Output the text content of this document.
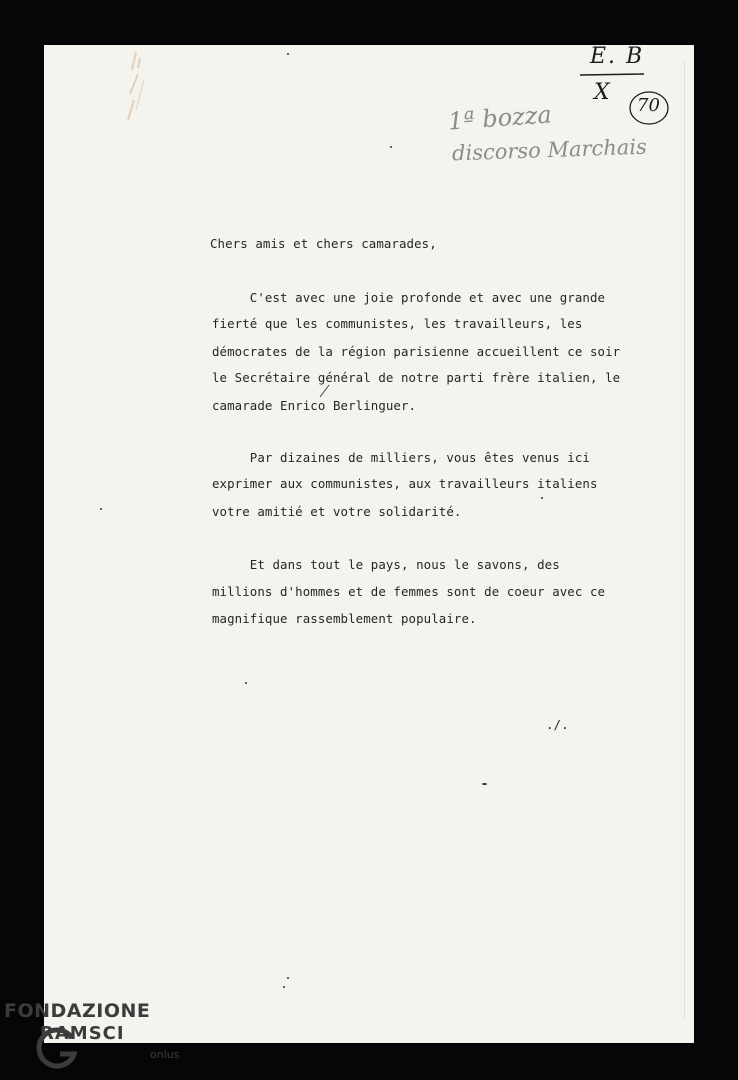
E. B
X
70
1ª bozza
discorso Marchais
Chers amis et chers camarades,
C'est avec une joie profonde et avec une grande
fierté que les communistes, les travailleurs, les
démocrates de la région parisienne accueillent ce soir
le Secrétaire général de notre parti frère italien, le
camarade Enrico Berlinguer.
Par dizaines de milliers, vous êtes venus ici
exprimer aux communistes, aux travailleurs italiens
votre amitié et votre solidarité.
Et dans tout le pays, nous le savons, des
millions d'hommes et de femmes sont de coeur avec ce
magnifique rassemblement populaire.
./.
FONDAZIONE
RAMSCI
onlus
